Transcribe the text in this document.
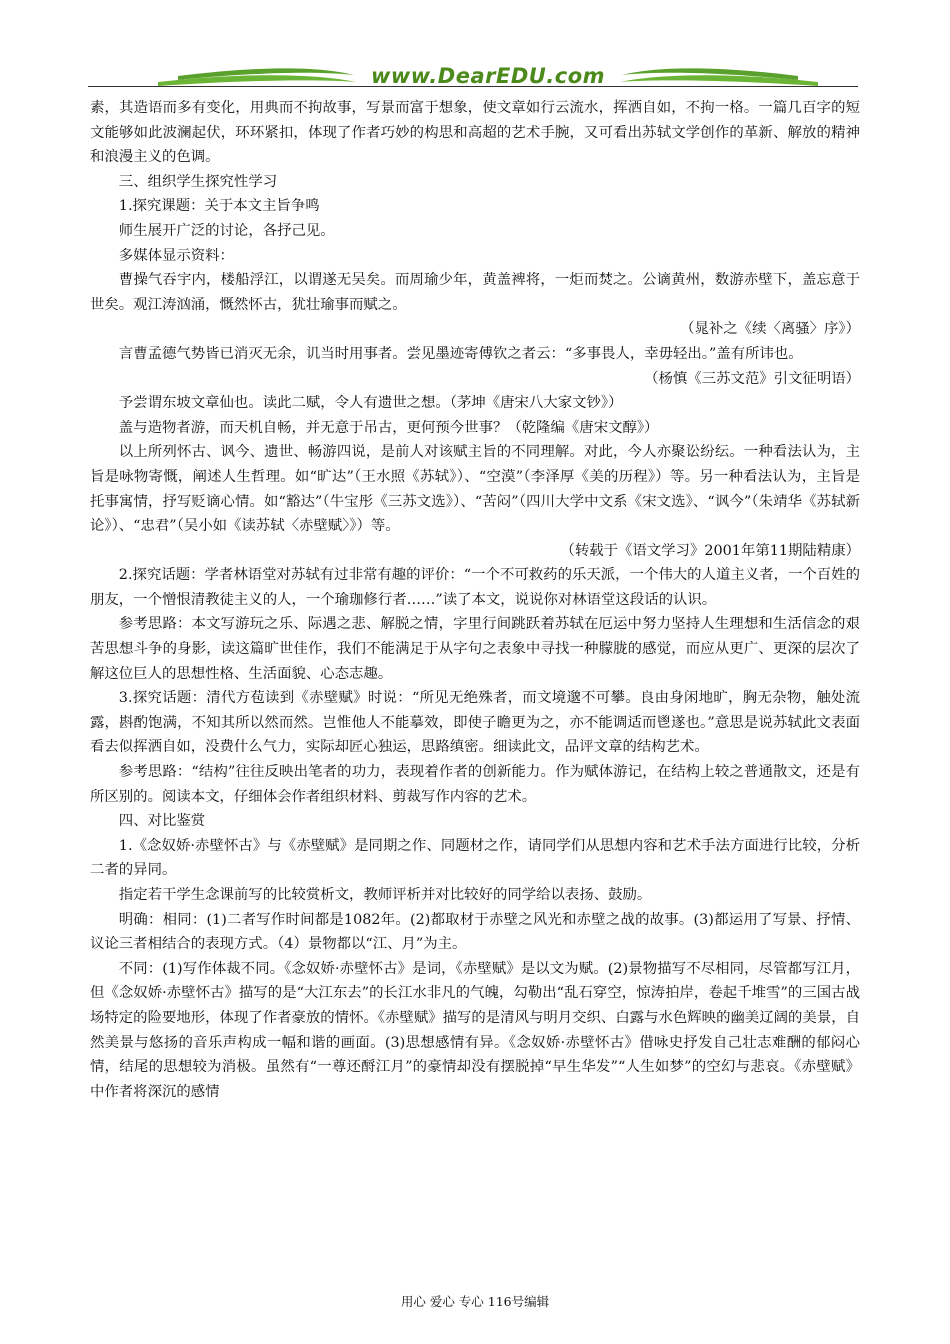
www.DearEDU.com

素，其造语而多有变化，用典而不拘故事，写景而富于想象，使文章如行云流水，挥洒自如，不拘一格。一篇几百字的短文能够如此波澜起伏，环环紧扣，体现了作者巧妙的构思和高超的艺术手腕，又可看出苏轼文学创作的革新、解放的精神和浪漫主义的色调。

三、组织学生探究性学习

1.探究课题：关于本文主旨争鸣

师生展开广泛的讨论，各抒己见。

多媒体显示资料：

曹操气吞宇内，楼船浮江，以谓遂无吴矣。而周瑜少年，黄盖裨将，一炬而焚之。公谪黄州，数游赤壁下，盖忘意于世矣。观江涛汹涌，慨然怀古，犹壮瑜事而赋之。

（晁补之《续〈离骚〉序》）

言曹孟德气势皆已消灭无余，讥当时用事者。尝见墨迹寄傅钦之者云：“多事畏人，幸毋轻出。”盖有所讳也。

（杨慎《三苏文范》引文征明语）

予尝谓东坡文章仙也。读此二赋，令人有遗世之想。（茅坤《唐宋八大家文钞》）

盖与造物者游，而天机自畅，并无意于吊古，更何预今世事？（乾隆编《唐宋文醇》）

以上所列怀古、讽今、遗世、畅游四说，是前人对该赋主旨的不同理解。对此，今人亦聚讼纷纭。一种看法认为，主旨是咏物寄慨，阐述人生哲理。如“旷达”（王水照《苏轼》）、“空漠”（李泽厚《美的历程》）等。另一种看法认为，主旨是托事寓情，抒写贬谪心情。如“豁达”（牛宝彤《三苏文选》）、“苦闷”（四川大学中文系《宋文选》、“讽今”（朱靖华《苏轼新论》）、“忠君”（吴小如《读苏轼〈赤壁赋〉》）等。

（转载于《语文学习》2001年第11期陆精康）

2.探究话题：学者林语堂对苏轼有过非常有趣的评价：“一个不可救药的乐天派，一个伟大的人道主义者，一个百姓的朋友，一个憎恨清教徒主义的人，一个瑜珈修行者……”读了本文，说说你对林语堂这段话的认识。

参考思路：本文写游玩之乐、际遇之悲、解脱之情，字里行间跳跃着苏轼在厄运中努力坚持人生理想和生活信念的艰苦思想斗争的身影，读这篇旷世佳作，我们不能满足于从字句之表象中寻找一种朦胧的感觉，而应从更广、更深的层次了解这位巨人的思想性格、生活面貌、心态志趣。

3.探究话题：清代方苞读到《赤壁赋》时说：“所见无绝殊者，而文境邈不可攀。良由身闲地旷，胸无杂物，触处流露，斟酌饱满，不知其所以然而然。岂惟他人不能摹效，即使子瞻更为之，亦不能调适而鬯遂也。”意思是说苏轼此文表面看去似挥洒自如，没费什么气力，实际却匠心独运，思路缜密。细读此文，品评文章的结构艺术。

参考思路：“结构”往往反映出笔者的功力，表现着作者的创新能力。作为赋体游记，在结构上较之普通散文，还是有所区别的。阅读本文，仔细体会作者组织材料、剪裁写作内容的艺术。

四、对比鉴赏

1.《念奴娇·赤壁怀古》与《赤壁赋》是同期之作、同题材之作，请同学们从思想内容和艺术手法方面进行比较，分析二者的异同。

指定若干学生念课前写的比较赏析文，教师评析并对比较好的同学给以表扬、鼓励。

明确：相同：(1)二者写作时间都是1082年。(2)都取材于赤壁之风光和赤壁之战的故事。(3)都运用了写景、抒情、议论三者相结合的表现方式。（4）景物都以“江、月”为主。

不同：(1)写作体裁不同。《念奴娇·赤壁怀古》是词，《赤壁赋》是以文为赋。(2)景物描写不尽相同，尽管都写江月，但《念奴娇·赤壁怀古》描写的是“大江东去”的长江水非凡的气魄，勾勒出“乱石穿空，惊涛拍岸，卷起千堆雪”的三国古战场特定的险要地形，体现了作者豪放的情怀。《赤壁赋》描写的是清风与明月交织、白露与水色辉映的幽美辽阔的美景，自然美景与悠扬的音乐声构成一幅和谐的画面。(3)思想感情有异。《念奴娇·赤壁怀古》借咏史抒发自己壮志难酬的郁闷心情，结尾的思想较为消极。虽然有“一尊还酹江月”的豪情却没有摆脱掉“早生华发”“人生如梦”的空幻与悲哀。《赤壁赋》中作者将深沉的感情

用心 爱心 专心 116号编辑
